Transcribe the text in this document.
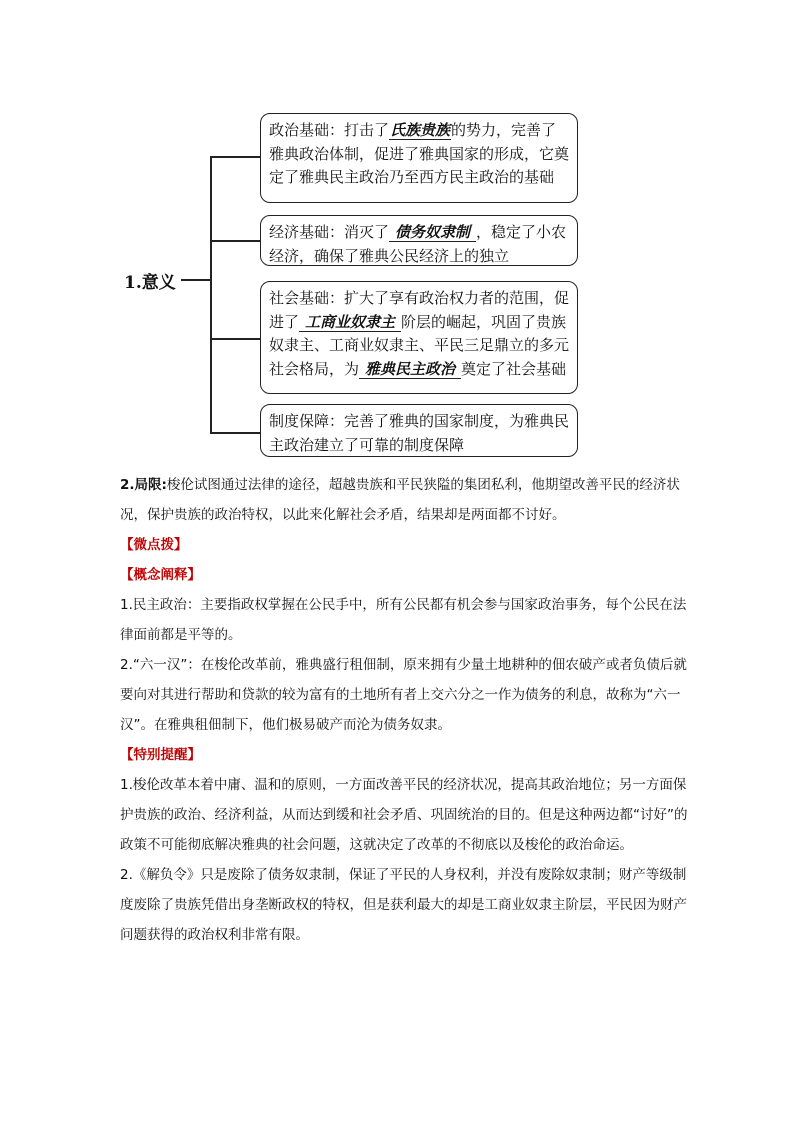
1.意义
政治基础：打击了氏族贵族的势力，完善了雅典政治体制，促进了雅典国家的形成，它奠定了雅典民主政治乃至西方民主政治的基础
经济基础：消灭了 债务奴隶制 ，稳定了小农经济，确保了雅典公民经济上的独立
社会基础：扩大了享有政治权力者的范围，促进了 工商业奴隶主 阶层的崛起，巩固了贵族奴隶主、工商业奴隶主、平民三足鼎立的多元社会格局，为 雅典民主政治 奠定了社会基础
制度保障：完善了雅典的国家制度，为雅典民主政治建立了可靠的制度保障

2.局限:梭伦试图通过法律的途径，超越贵族和平民狭隘的集团私利，他期望改善平民的经济状况，保护贵族的政治特权，以此来化解社会矛盾，结果却是两面都不讨好。

【微点拨】

【概念阐释】

1.民主政治：主要指政权掌握在公民手中，所有公民都有机会参与国家政治事务，每个公民在法律面前都是平等的。

2.“六一汉”：在梭伦改革前，雅典盛行租佃制，原来拥有少量土地耕种的佃农破产或者负债后就要向对其进行帮助和贷款的较为富有的土地所有者上交六分之一作为债务的利息，故称为“六一汉”。在雅典租佃制下，他们极易破产而沦为债务奴隶。

【特别提醒】

1.梭伦改革本着中庸、温和的原则，一方面改善平民的经济状况，提高其政治地位；另一方面保护贵族的政治、经济利益，从而达到缓和社会矛盾、巩固统治的目的。但是这种两边都“讨好”的政策不可能彻底解决雅典的社会问题，这就决定了改革的不彻底以及梭伦的政治命运。

2.《解负令》只是废除了债务奴隶制，保证了平民的人身权利，并没有废除奴隶制；财产等级制度废除了贵族凭借出身垄断政权的特权，但是获利最大的却是工商业奴隶主阶层，平民因为财产问题获得的政治权利非常有限。
